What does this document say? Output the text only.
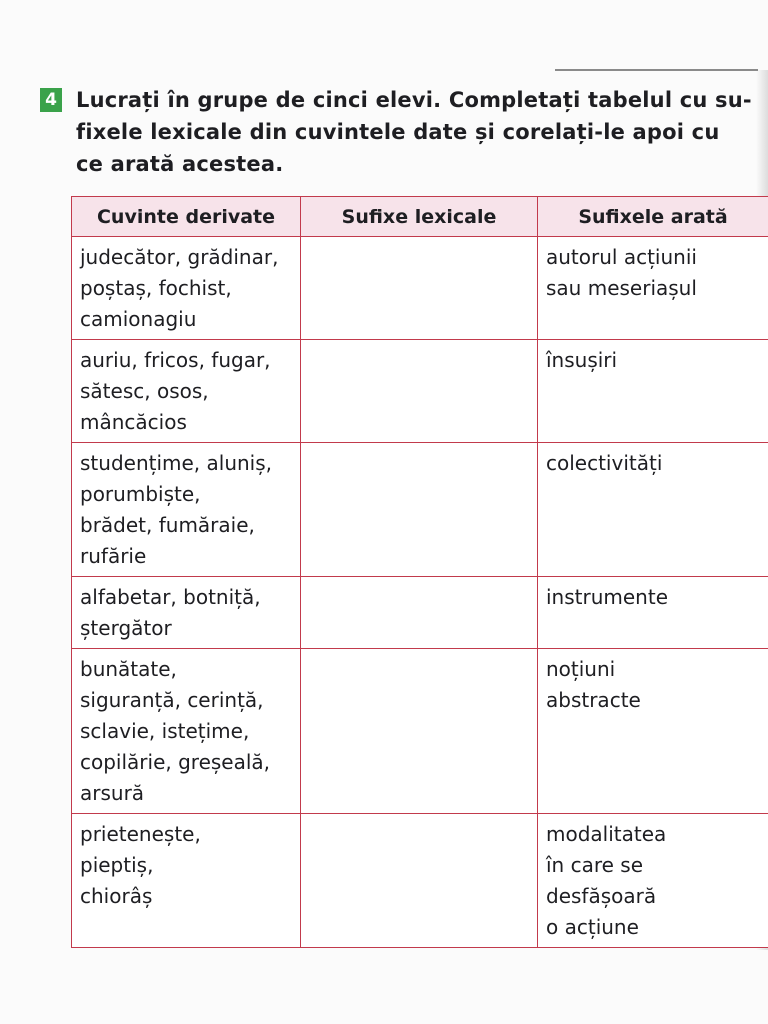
4 Lucrați în grupe de cinci elevi. Completați tabelul cu su-
fixele lexicale din cuvintele date și corelați-le apoi cu
ce arată acestea.
Cuvinte derivate	Sufixe lexicale	Sufixele arată
judecător, grădinar,
poștaș, fochist,
camionagiu		autorul acțiunii
sau meseriașul
auriu, fricos, fugar,
sătesc, osos,
mâncăcios		însușiri
studențime, aluniș,
porumbiște,
brădet, fumăraie,
rufărie		colectivități
alfabetar, botniță,
ștergător		instrumente
bunătate,
siguranță, cerință,
sclavie, istețime,
copilărie, greșeală,
arsură		noțiuni
abstracte
prietenește,
pieptiș,
chiorâș		modalitatea
în care se
desfășoară
o acțiune
